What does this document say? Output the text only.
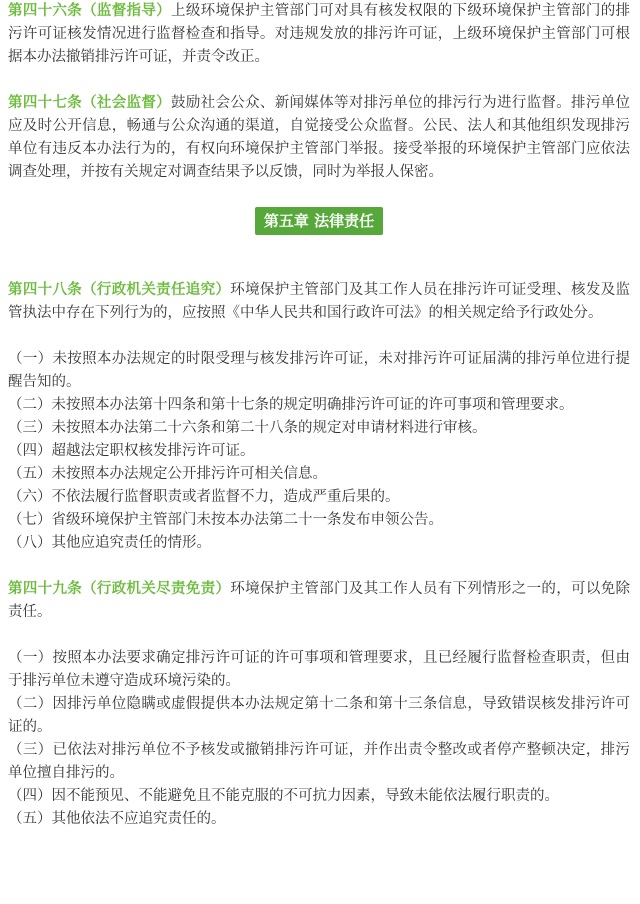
第四十六条（监督指导）上级环境保护主管部门可对具有核发权限的下级环境保护主管部门的排污许可证核发情况进行监督检查和指导。对违规发放的排污许可证，上级环境保护主管部门可根据本办法撤销排污许可证，并责令改正。

第四十七条（社会监督）鼓励社会公众、新闻媒体等对排污单位的排污行为进行监督。排污单位应及时公开信息，畅通与公众沟通的渠道，自觉接受公众监督。公民、法人和其他组织发现排污单位有违反本办法行为的，有权向环境保护主管部门举报。接受举报的环境保护主管部门应依法调查处理，并按有关规定对调查结果予以反馈，同时为举报人保密。

第五章 法律责任

第四十八条（行政机关责任追究）环境保护主管部门及其工作人员在排污许可证受理、核发及监管执法中存在下列行为的，应按照《中华人民共和国行政许可法》的相关规定给予行政处分。

（一）未按照本办法规定的时限受理与核发排污许可证，未对排污许可证届满的排污单位进行提醒告知的。
（二）未按照本办法第十四条和第十七条的规定明确排污许可证的许可事项和管理要求。
（三）未按照本办法第二十六条和第二十八条的规定对申请材料进行审核。
（四）超越法定职权核发排污许可证。
（五）未按照本办法规定公开排污许可相关信息。
（六）不依法履行监督职责或者监督不力，造成严重后果的。
（七）省级环境保护主管部门未按本办法第二十一条发布申领公告。
（八）其他应追究责任的情形。

第四十九条（行政机关尽责免责）环境保护主管部门及其工作人员有下列情形之一的，可以免除责任。

（一）按照本办法要求确定排污许可证的许可事项和管理要求，且已经履行监督检查职责，但由于排污单位未遵守造成环境污染的。
（二）因排污单位隐瞒或虚假提供本办法规定第十二条和第十三条信息，导致错误核发排污许可证的。
（三）已依法对排污单位不予核发或撤销排污许可证，并作出责令整改或者停产整顿决定，排污单位擅自排污的。
（四）因不能预见、不能避免且不能克服的不可抗力因素，导致未能依法履行职责的。
（五）其他依法不应追究责任的。
